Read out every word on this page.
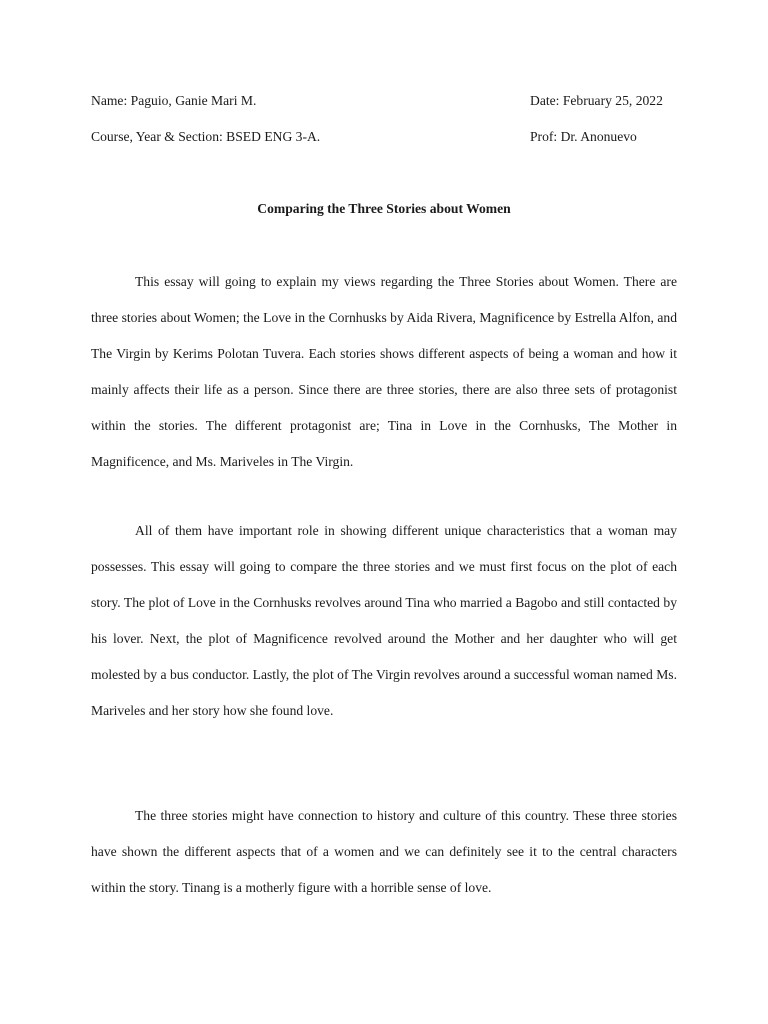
Name: Paguio, Ganie Mari M.	Date: February 25, 2022
Course, Year & Section: BSED ENG 3-A.	Prof: Dr. Anonuevo
Comparing the Three Stories about Women

This essay will going to explain my views regarding the Three Stories about Women. There are three stories about Women; the Love in the Cornhusks by Aida Rivera, Magnificence by Estrella Alfon, and The Virgin by Kerims Polotan Tuvera. Each stories shows different aspects of being a woman and how it mainly affects their life as a person. Since there are three stories, there are also three sets of protagonist within the stories. The different protagonist are; Tina in Love in the Cornhusks, The Mother in Magnificence, and Ms. Mariveles in The Virgin.

All of them have important role in showing different unique characteristics that a woman may possesses. This essay will going to compare the three stories and we must first focus on the plot of each story. The plot of Love in the Cornhusks revolves around Tina who married a Bagobo and still contacted by his lover. Next, the plot of Magnificence revolved around the Mother and her daughter who will get molested by a bus conductor. Lastly, the plot of The Virgin revolves around a successful woman named Ms. Mariveles and her story how she found love.

The three stories might have connection to history and culture of this country. These three stories have shown the different aspects that of a women and we can definitely see it to the central characters within the story. Tinang is a motherly figure with a horrible sense of love.
